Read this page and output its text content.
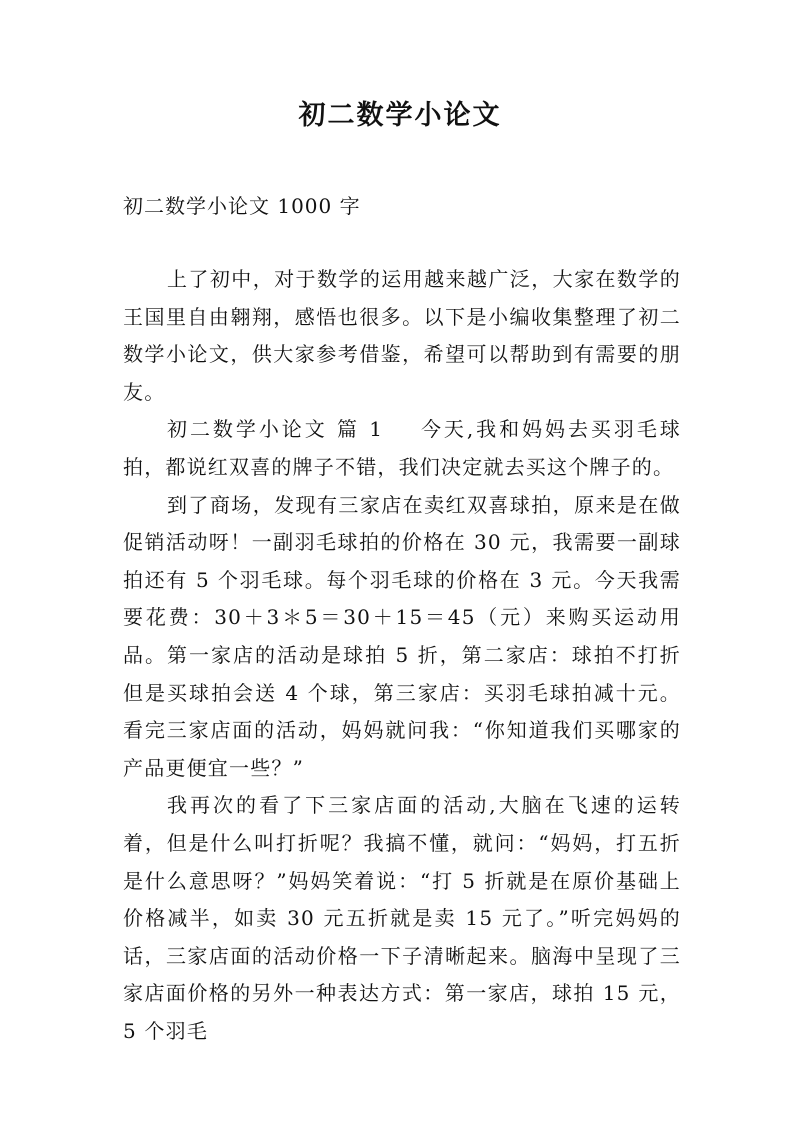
初二数学小论文
初二数学小论文 1000 字

上了初中，对于数学的运用越来越广泛，大家在数学的王国里自由翱翔，感悟也很多。以下是小编收集整理了初二数学小论文，供大家参考借鉴，希望可以帮助到有需要的朋友。

初二数学小论文 篇 1 今天,我和妈妈去买羽毛球拍，都说红双喜的牌子不错，我们决定就去买这个牌子的。

到了商场，发现有三家店在卖红双喜球拍，原来是在做促销活动呀！一副羽毛球拍的价格在 30 元，我需要一副球拍还有 5 个羽毛球。每个羽毛球的价格在 3 元。今天我需要花费：30＋3＊5＝30＋15＝45（元）来购买运动用品。第一家店的活动是球拍 5 折，第二家店：球拍不打折但是买球拍会送 4 个球，第三家店：买羽毛球拍减十元。看完三家店面的活动，妈妈就问我：“你知道我们买哪家的产品更便宜一些？”

我再次的看了下三家店面的活动,大脑在飞速的运转着，但是什么叫打折呢？我搞不懂，就问：“妈妈，打五折是什么意思呀？”妈妈笑着说：“打 5 折就是在原价基础上价格减半，如卖 30 元五折就是卖 15 元了。”听完妈妈的话，三家店面的活动价格一下子清晰起来。脑海中呈现了三家店面价格的另外一种表达方式：第一家店，球拍 15 元，5 个羽毛
